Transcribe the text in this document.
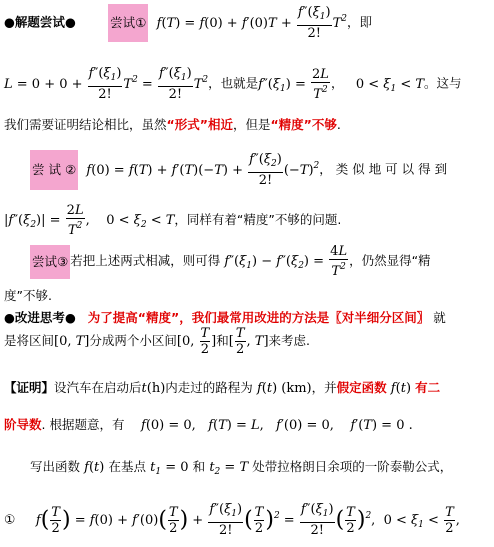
●解题尝试●	尝试①  $f(T) = f(0) + f'(0)T + \frac{f''(\xi_1)}{2!} T^2$，即
$L = 0 + 0 + \frac{f''(\xi_1)}{2!} T^2 = \frac{f''(\xi_1)}{2!} T^2$，也就是$f''(\xi_1) = \frac{2L}{T^2}$ ， $0 < \xi_1 < T$。这与
我们需要证明结论相比，虽然“形式”相近，但是“精度”不够.
尝 试 ②  $f(0) = f(T) + f'(T)(-T) + \frac{f''(\xi_2)}{2!} (-T)^2$， 类 似 地 可 以 得 到
$|f''(\xi_2)| = \frac{2L}{T^2}$ ,    $0 < \xi_2 < T$，同样有着“精度”不够的问题.
尝试③ 若把上述两式相减，则可得 $f''(\xi_1) - f''(\xi_2) = \frac{4L}{T^2}$ ，仍然显得“精
度”不够.
●改进思考● 为了提高“精度”，我们最常用改进的方法是〖对半细分区间〗 就
是将区间[0, T]分成两个小区间[0, $\frac{T}{2}$ ]和[ $\frac{T}{2}$ , T]来考虑.
【证明】设汽车在启动后t(h)内走过的路程为 f(t) (km)，并假定函数 f(t) 有二
阶导数. 根据题意，有    f(0) = 0,   f(T) = L,   f′(0) = 0,    f′(T) = 0 .
写出函数 f(t) 在基点 $t_1 = 0$ 和 $t_2 = T$ 处带拉格朗日余项的一阶泰勒公式，
①     $f( \frac{T}{2}$ ) = $f(0) + f'(0)( \frac{T}{2}$ ) + $\frac{f''(\xi_1)}{2!}$ ( $\frac{T}{2} )^2 = \frac{f''(\xi_1)}{2!}$ ( $\frac{T}{2} )^2$,  $0 < \xi_1 < \frac{T}{2}$ ,
